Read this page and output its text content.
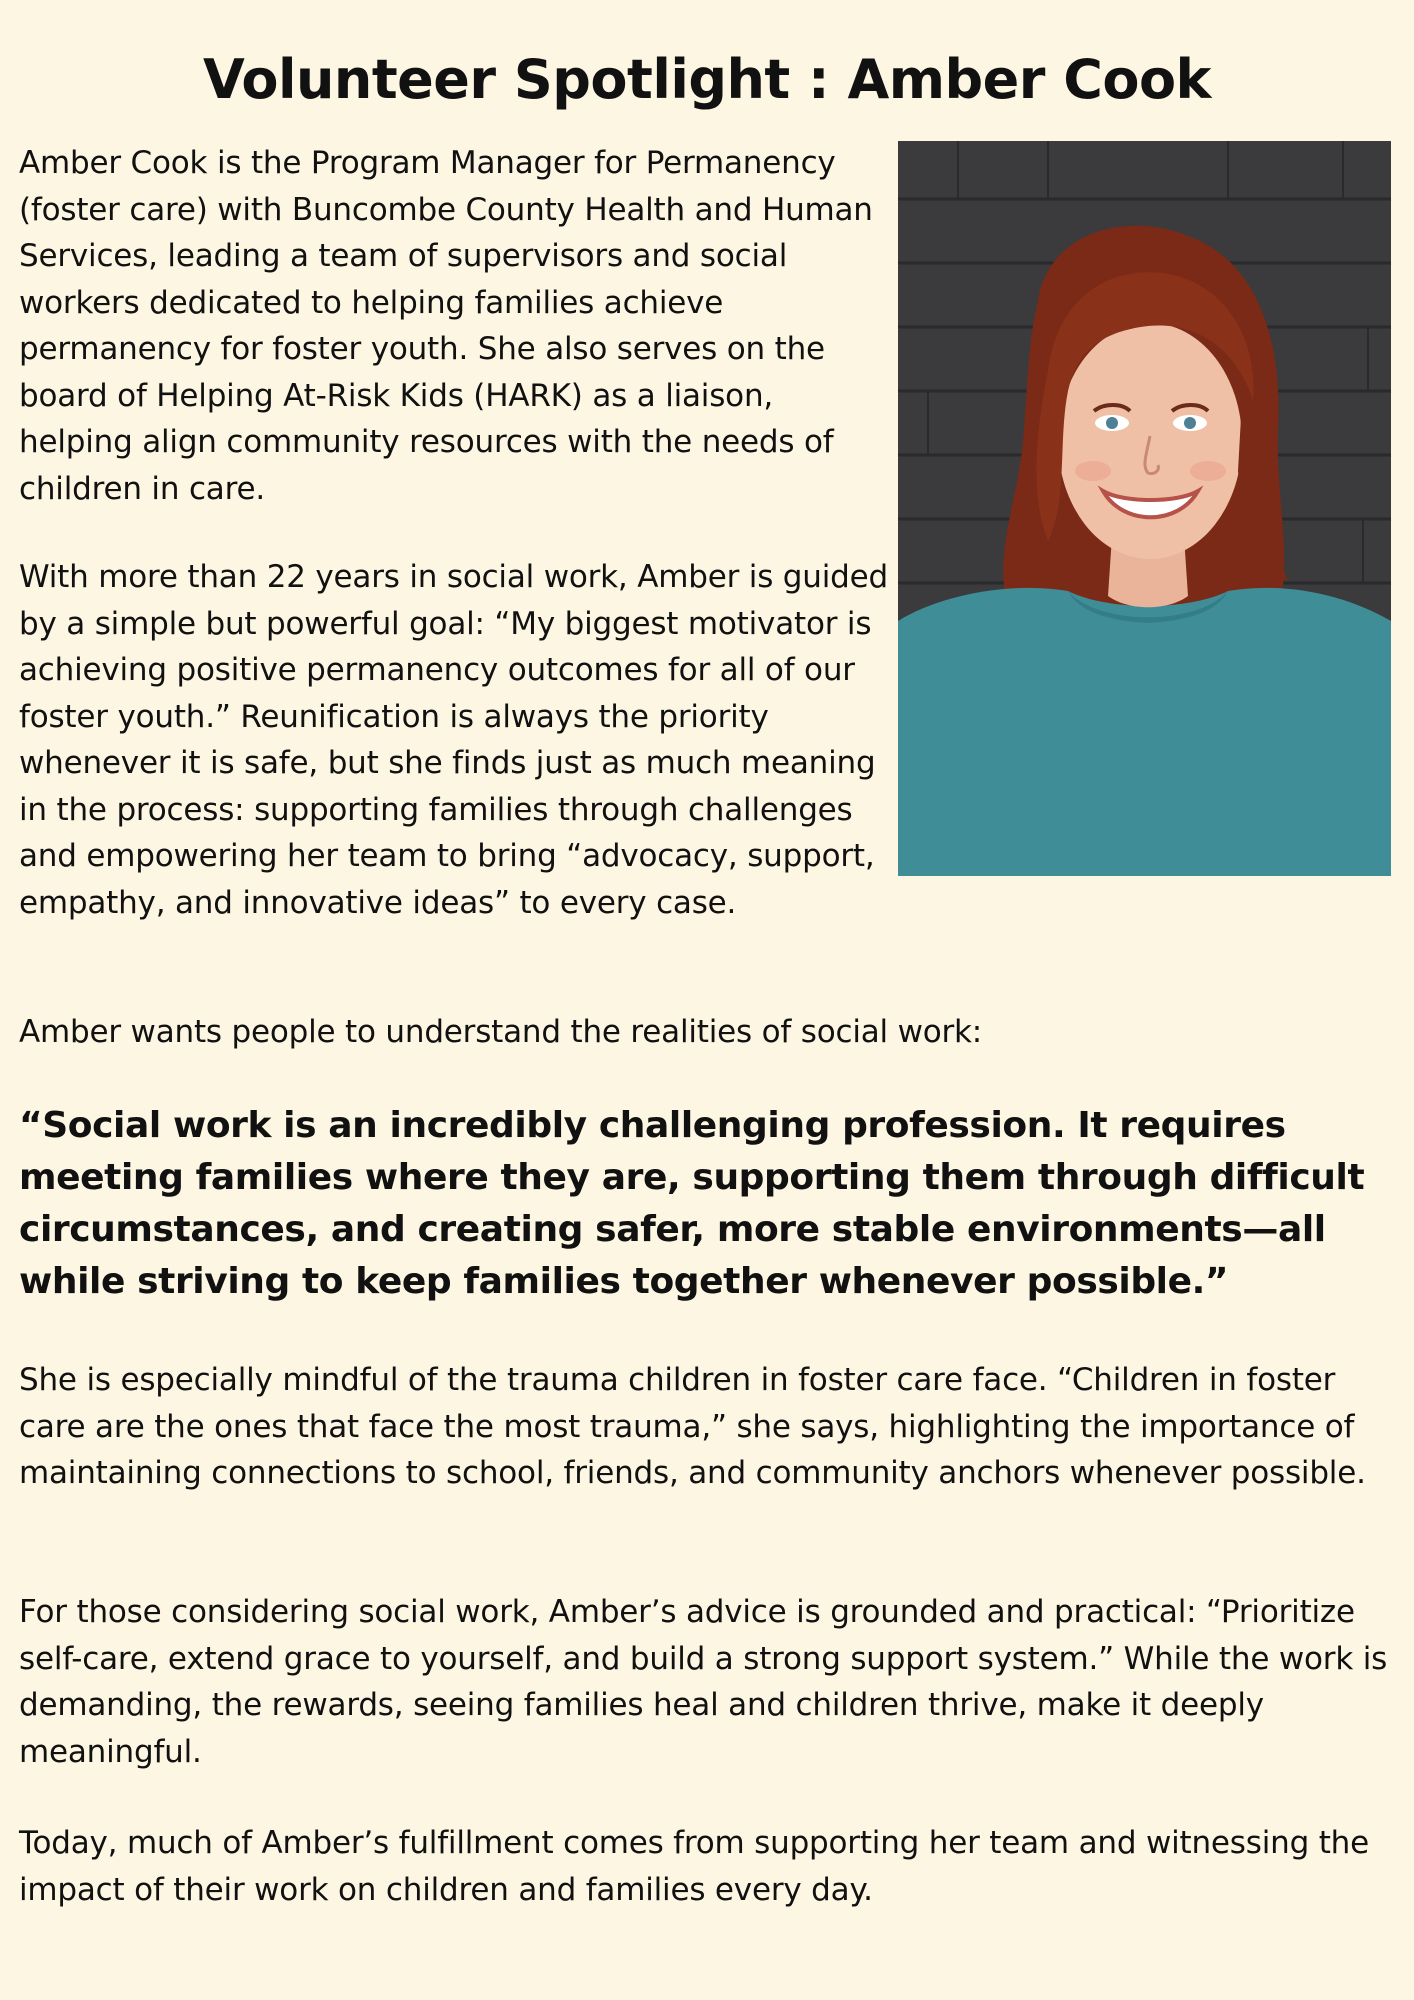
Volunteer Spotlight : Amber Cook

Amber Cook is the Program Manager for Permanency (foster care) with Buncombe County Health and Human Services, leading a team of supervisors and social workers dedicated to helping families achieve permanency for foster youth. She also serves on the board of Helping At-Risk Kids (HARK) as a liaison, helping align community resources with the needs of children in care.

With more than 22 years in social work, Amber is guided by a simple but powerful goal: “My biggest motivator is achieving positive permanency outcomes for all of our foster youth.” Reunification is always the priority whenever it is safe, but she finds just as much meaning in the process: supporting families through challenges and empowering her team to bring “advocacy, support, empathy, and innovative ideas” to every case.

Amber wants people to understand the realities of social work:

“Social work is an incredibly challenging profession. It requires meeting families where they are, supporting them through difficult circumstances, and creating safer, more stable environments—all while striving to keep families together whenever possible.”

She is especially mindful of the trauma children in foster care face. “Children in foster care are the ones that face the most trauma,” she says, highlighting the importance of maintaining connections to school, friends, and community anchors whenever possible.

For those considering social work, Amber’s advice is grounded and practical: “Prioritize self-care, extend grace to yourself, and build a strong support system.” While the work is demanding, the rewards, seeing families heal and children thrive, make it deeply meaningful.

Today, much of Amber’s fulfillment comes from supporting her team and witnessing the impact of their work on children and families every day.
